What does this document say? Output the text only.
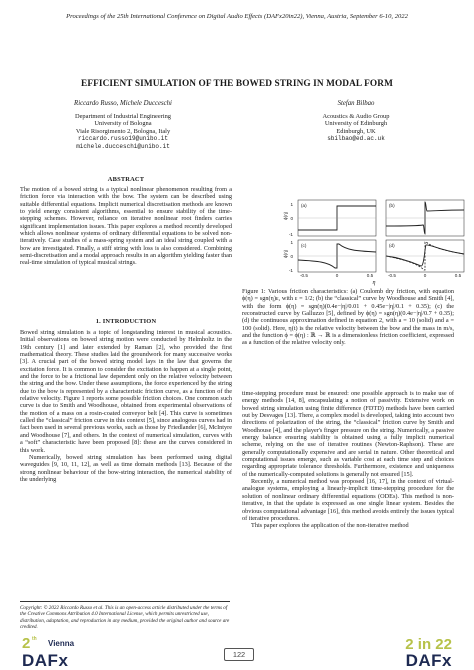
Proceedings of the 25th International Conference on Digital Audio Effects (DAFx20in22), Vienna, Austria, September 6-10, 2022
EFFICIENT SIMULATION OF THE BOWED STRING IN MODAL FORM
Riccardo Russo, Michele Ducceschi
Department of Industrial Engineering
University of Bologna
Viale Risorgimento 2, Bologna, Italy
riccardo.russo19@unibo.it
michele.ducceschi@unibo.it
Stefan Bilbao
Acoustics & Audio Group
University of Edinburgh
Edinburgh, UK
sbilbao@ed.ac.uk
ABSTRACT

The motion of a bowed string is a typical nonlinear phenomenon resulting from a friction force via interaction with the bow. The system can be described using suitable differential equations. Implicit numerical discretisation methods are known to yield energy consistent algorithms, essential to ensure stability of the time-stepping schemes. However, reliance on iterative nonlinear root finders carries significant implementation issues. This paper explores a method recently developed which allows nonlinear systems of ordinary differential equations to be solved non-iteratively. Case studies of a mass-spring system and an ideal string coupled with a bow are investigated. Finally, a stiff string with loss is also considered. Combining semi-discretisation and a modal approach results in an algorithm yielding faster than real-time simulation of typical musical strings.

1. INTRODUCTION

Bowed string simulation is a topic of longstanding interest in musical acoustics. Initial observations on bowed string motion were conducted by Helmholtz in the 19th century [1] and later extended by Raman [2], who provided the first mathematical theory. These studies laid the groundwork for many successive works [3]. A crucial part of the bowed string model lays in the law that governs the excitation force. It is common to consider the excitation to happen at a single point, and the force to be a frictional law dependent only on the relative velocity between the string and the bow. Under these assumptions, the force experienced by the string due to the bow is represented by a characteristic friction curve, as a function of the relative velocity. Figure 1 reports some possible friction choices. One common such curve is due to Smith and Woodhouse, obtained from experimental observations of the motion of a mass on a rosin-coated conveyor belt [4]. This curve is sometimes called the “classical” friction curve in this context [5], since analogous curves had in fact been used in several previous works, such as those by Friedlander [6], McIntyre and Woodhouse [7], and others. In the context of numerical simulation, curves with a “soft” characteristic have been proposed [8]: these are the curves considered in this work.

Numerically, bowed string simulation has been performed using digital waveguides [9, 10, 11, 12], as well as time domain methods [13]. Because of the strong nonlinear behaviour of the bow-string interaction, the numerical stability of the underlying

(a)	(b)
(c)	(d)
1
0
-1
1
0
-1
ϕ(η)
ϕ(η)
-0.5	0	0.5	-0.5	0	0.5
η

Figure 1: Various friction characteristics: (a) Coulomb dry friction, with equation ϕ(η) = sgn(η)ε, with ε = 1/2; (b) the “classical” curve by Woodhouse and Smith [4], with the form ϕ(η) = sgn(η)(0.4e−|η|/0.01 + 0.45e−|η|/0.1 + 0.35); (c) the reconstructed curve by Galluzzo [5], defined by ϕ(η) = sgn(η)(0.4e−|η|/0.7 + 0.35); (d) the continuous approximation defined in equation 2, with a = 10 (solid) and a = 100 (solid). Here, η(t) is the relative velocity between the bow and the mass in m/s, and the function ϕ = ϕ(η) : ℝ → ℝ is a dimensionless friction coefficient, expressed as a function of the relative velocity only.

time-stepping procedure must be ensured: one possible approach is to make use of energy methods [14, 8], encapsulating a notion of passivity. Extensive work on bowed string simulation using finite difference (FDTD) methods have been carried out by Desvages [13]. There, a complex model is developed, taking into account two directions of polarization of the string, the “classical” friction curve by Smith and Woodhouse [4], and the player's finger pressure on the string. Numerically, a passive energy balance ensuring stability is obtained using a fully implicit numerical scheme, relying on the use of iterative routines (Newton-Raphson). These are generally computationally expensive and are serial in nature. Other theoretical and computational issues emerge, such as variable cost at each time step and choices regarding appropriate tolerance thresholds. Furthermore, existence and uniqueness of the numerically-computed solutions is generally not ensured [15].

Recently, a numerical method was proposed [16, 17], in the context of virtual-analogue systems, employing a linearly-implicit time-stepping procedure for the solution of nonlinear ordinary differential equations (ODEs). This method is non-iterative, in that the update is expressed as one single linear system. Besides the obvious computational advantage [16], this method avoids entirely the issues typical of iterative procedures.

This paper explores the application of the non-iterative method

Copyright: © 2022 Riccardo Russo et al. This is an open-access article distributed under the terms of the Creative Commons Attribution 4.0 International License, which permits unrestricted use, distribution, adaptation, and reproduction in any medium, provided the original author and source are credited.
2 th Vienna
DAFx	122
2 in 22
DAFx
